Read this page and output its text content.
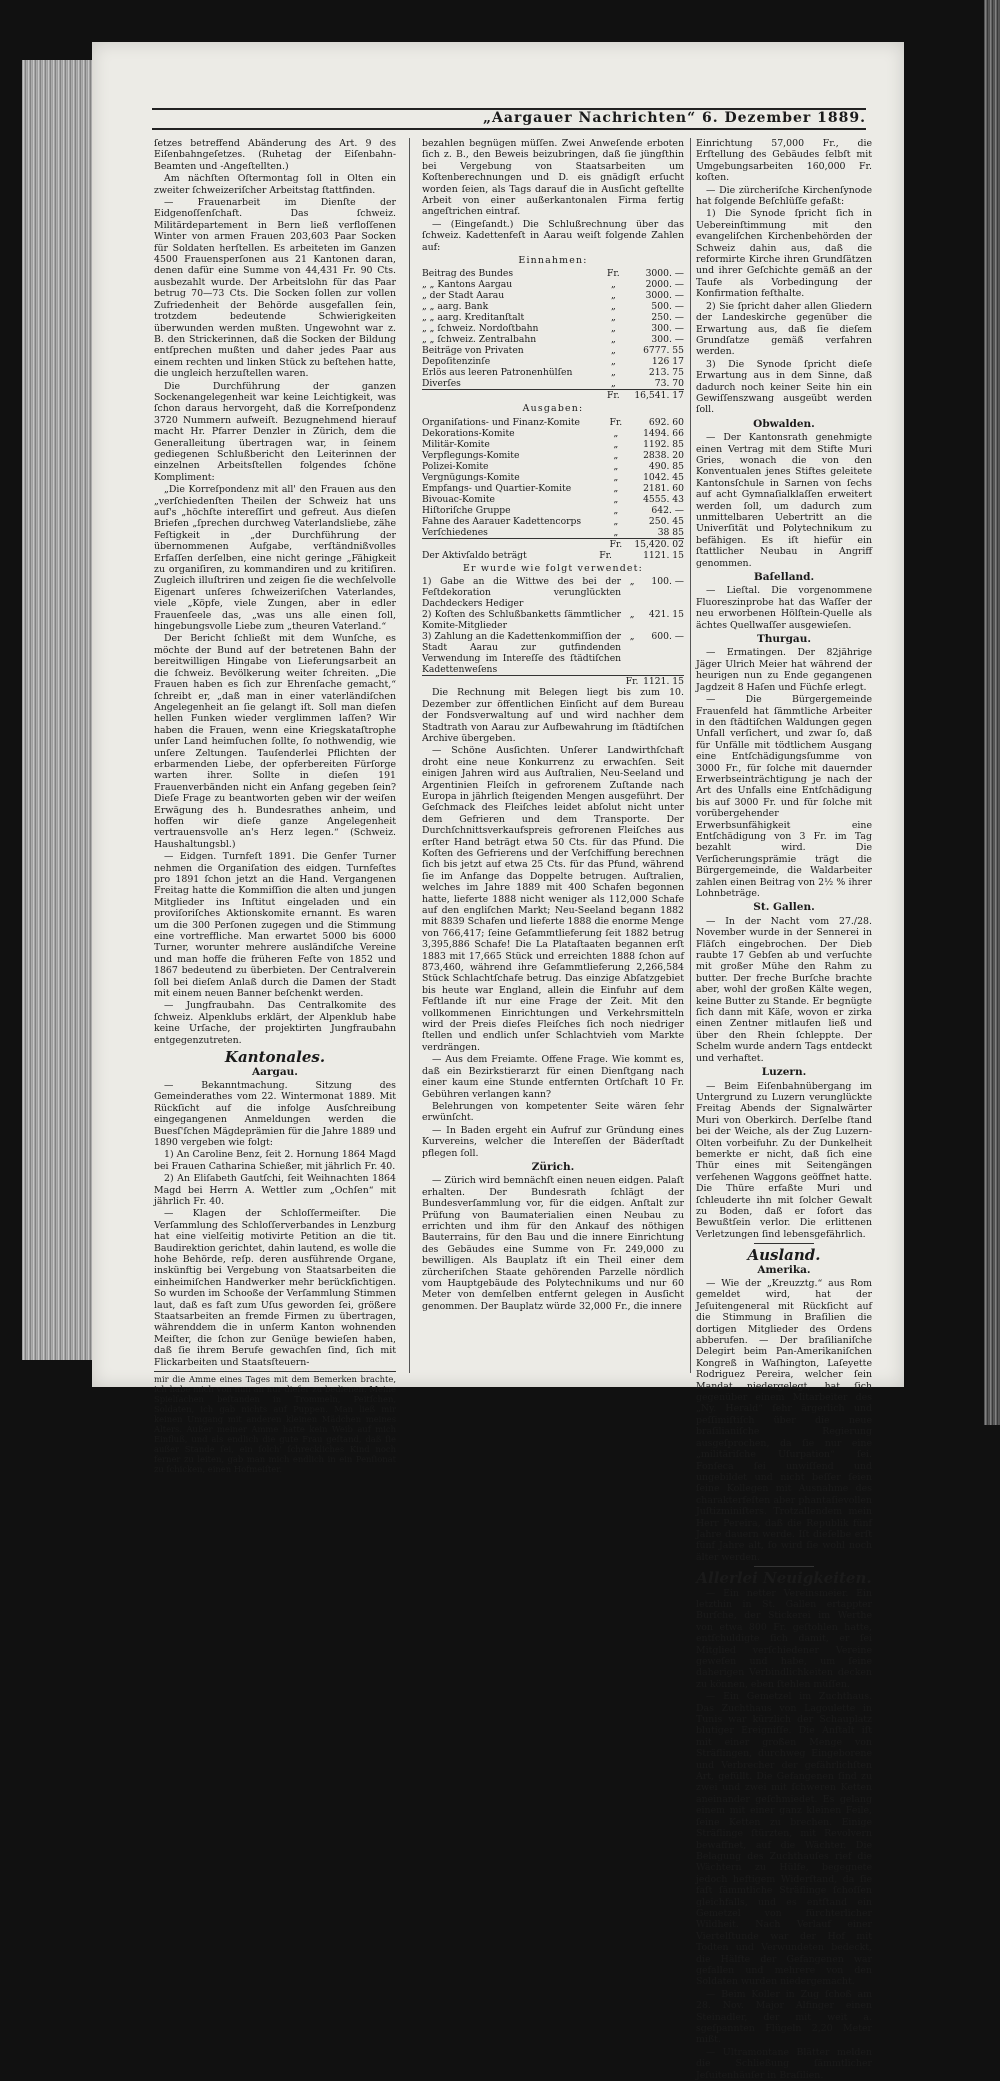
„Aargauer Nachrichten“ 6. Dezember 1889.

ſetzes betreffend Abänderung des Art. 9 des Eiſenbahngeſetzes. (Ruhetag der Eiſenbahn-Beamten und -Angeſtellten.)

Am nächſten Oſtermontag ſoll in Olten ein zweiter ſchweizeriſcher Arbeitstag ſtattfinden.

— Frauenarbeit im Dienſte der Eidgenoſſenſchaft. Das ſchweiz. Militärdepartement in Bern ließ verfloſſenen Winter von armen Frauen 203,603 Paar Socken für Soldaten herſtellen. Es arbeiteten im Ganzen 4500 Frauensperſonen aus 21 Kantonen daran, denen dafür eine Summe von 44,431 Fr. 90 Cts. ausbezahlt wurde. Der Arbeitslohn für das Paar betrug 70—73 Cts. Die Socken ſollen zur vollen Zufriedenheit der Behörde ausgefallen ſein, trotzdem bedeutende Schwierigkeiten überwunden werden mußten. Ungewohnt war z. B. den Strickerinnen, daß die Socken der Bildung entſprechen mußten und daher jedes Paar aus einem rechten und linken Stück zu beſtehen hatte, die ungleich herzuſtellen waren.

Die Durchführung der ganzen Sockenangelegenheit war keine Leichtigkeit, was ſchon daraus hervorgeht, daß die Korreſpondenz 3720 Nummern aufweiſt. Bezugnehmend hierauf macht Hr. Pfarrer Denzler in Zürich, dem die Generalleitung übertragen war, in ſeinem gediegenen Schlußbericht den Leiterinnen der einzelnen Arbeitsſtellen folgendes ſchöne Kompliment:

„Die Korreſpondenz mit all' den Frauen aus den „verſchiedenſten Theilen der Schweiz hat uns auf's „höchſte intereſſirt und gefreut. Aus dieſen Briefen „ſprechen durchweg Vaterlandsliebe, zähe Feſtigkeit in „der Durchführung der übernommenen Aufgabe, verſtändnißvolles Erfaſſen derſelben, eine nicht geringe „Fähigkeit zu organiſiren, zu kommandiren und zu kritiſiren. Zugleich illuſtriren und zeigen ſie die wechſelvolle Eigenart unſeres ſchweizeriſchen Vaterlandes, viele „Köpfe, viele Zungen, aber in edler Frauenſeele das, „was uns alle einen ſoll, hingebungsvolle Liebe zum „theuren Vaterland.“

Der Bericht ſchließt mit dem Wunſche, es möchte der Bund auf der betretenen Bahn der bereitwilligen Hingabe von Lieferungsarbeit an die ſchweiz. Bevölkerung weiter ſchreiten. „Die Frauen haben es ſich zur Ehrenſache gemacht,“ ſchreibt er, „daß man in einer vaterländiſchen Angelegenheit an ſie gelangt iſt. Soll man dieſen hellen Funken wieder verglimmen laſſen? Wir haben die Frauen, wenn eine Kriegskataſtrophe unſer Land heimſuchen ſollte, ſo nothwendig, wie unſere Zeltungen. Tauſenderlei Pflichten der erbarmenden Liebe, der opferbereiten Fürſorge warten ihrer. Sollte in dieſen 191 Frauenverbänden nicht ein Anfang gegeben ſein? Dieſe Frage zu beantworten geben wir der weiſen Erwägung des h. Bundesrathes anheim, und hoffen wir dieſe ganze Angelegenheit vertrauensvolle an's Herz legen.“ (Schweiz. Haushaltungsbl.)

— Eidgen. Turnfeſt 1891. Die Genfer Turner nehmen die Organiſation des eidgen. Turnfeſtes pro 1891 ſchon jetzt an die Hand. Vergangenen Freitag hatte die Kommiſſion die alten und jungen Mitglieder ins Inſtitut eingeladen und ein proviſoriſches Aktionskomite ernannt. Es waren um die 300 Perſonen zugegen und die Stimmung eine vortreffliche. Man erwartet 5000 bis 6000 Turner, worunter mehrere ausländiſche Vereine und man hoffe die früheren Feſte von 1852 und 1867 bedeutend zu überbieten. Der Centralverein ſoll bei dieſem Anlaß durch die Damen der Stadt mit einem neuen Banner beſchenkt werden.

— Jungfraubahn. Das Centralkomite des ſchweiz. Alpenklubs erklärt, der Alpenklub habe keine Urſache, der projektirten Jungfraubahn entgegenzutreten.

Kantonales.
Aargau.

— Bekanntmachung. Sitzung des Gemeinderathes vom 22. Wintermonat 1889. Mit Rückſicht auf die infolge Ausſchreibung eingegangenen Anmeldungen werden die Buesſ'ſchen Mägdeprämien für die Jahre 1889 und 1890 vergeben wie folgt:

1) An Caroline Benz, ſeit 2. Hornung 1864 Magd bei Frauen Catharina Schießer, mit jährlich Fr. 40.

2) An Eliſabeth Gautſchi, ſeit Weihnachten 1864 Magd bei Herrn A. Wettler zum „Ochſen“ mit jährlich Fr. 40.

— Klagen der Schloſſermeiſter. Die Verſammlung des Schloſſerverbandes in Lenzburg hat eine vielſeitig motivirte Petition an die tit. Baudirektion gerichtet, dahin lautend, es wolle die hohe Behörde, reſp. deren ausführende Organe, inskünftig bei Vergebung von Staatsarbeiten die einheimiſchen Handwerker mehr berückſichtigen. So wurden im Schooße der Verſammlung Stimmen laut, daß es faſt zum Uſus geworden ſei, größere Staatsarbeiten an fremde Firmen zu übertragen, währenddem die in unſerm Kanton wohnenden Meiſter, die ſchon zur Genüge bewieſen haben, daß ſie ihrem Berufe gewachſen ſind, ſich mit Flickarbeiten und Staatsſteuern-

mir die Amme eines Tages mit dem Bemerken brachte, ich habe mich von nun an nur dieſer zu bedienen. Meine Spielſachen beſtanden in Trommeln, Peitſchen, Soldaten, ich gab nichts auf Puppen. Man ließ mir keinen Umgang mit anderen kleinen Mädchen meines Alters. Außer meiner Amme hatte kein Weib auf mich Einfluß, und als endlich die gute Frau geſtand, daß ſie außer Stande ſei, ein ſolch' ſchreckliches Kind noch ferner zu leiten, gab man mich endlich in ein Penſionat zu ſchicken, einen Hofmeiſter.

bezahlen begnügen müſſen. Zwei Anweſende erboten ſich z. B., den Beweis beizubringen, daß ſie jüngſthin bei Vergebung von Staatsarbeiten um Koſtenberechnungen und D. eis gnädigſt erſucht worden ſeien, als Tags darauf die in Ausſicht geſtellte Arbeit von einer außerkantonalen Firma fertig angeſtrichen eintraf.

— (Eingeſandt.) Die Schlußrechnung über das ſchweiz. Kadettenfeſt in Aarau weiſt folgende Zahlen auf:

Einnahmen:
Beitrag des Bundes	Fr.	3000. —
„ „ Kantons Aargau	„	2000. —
„ der Stadt Aarau	„	3000. —
„ „ aarg. Bank	„	500. —
„ „ aarg. Kreditanſtalt	„	250. —
„ „ ſchweiz. Nordoſtbahn	„	300. —
„ „ ſchweiz. Zentralbahn	„	300. —
Beiträge von Privaten	„	6777. 55
Depoſitenzinſe	„	126 17
Erlös aus leeren Patronenhülſen	„	213. 75
Diverſes	„	73. 70
	Fr.	16,541. 17
Ausgaben:
Organiſations- und Finanz-Komite	Fr.	692. 60
Dekorations-Komite	„	1494. 66
Militär-Komite	„	1192. 85
Verpflegungs-Komite	„	2838. 20
Polizei-Komite	„	490. 85
Vergnügungs-Komite	„	1042. 45
Empfangs- und Quartier-Komite	„	2181. 60
Bivouac-Komite	„	4555. 43
Hiſtoriſche Gruppe	„	642. —
Fahne des Aarauer Kadettencorps	„	250. 45
Verſchiedenes	„	38 85
	Fr.	15,420. 02
Der Aktivſaldo beträgt	Fr.	1121. 15
Er wurde wie folgt verwendet:
1) Gabe an die Wittwe des bei der Feſtdekoration verunglückten Dachdeckers Hediger	„	100. —
2) Koſten des Schlußbanketts ſämmtlicher Komite-Mitglieder	„	421. 15
3) Zahlung an die Kadettenkommiſſion der Stadt Aarau zur gutfindenden Verwendung im Intereſſe des ſtädtiſchen Kadettenweſens	„	600. —
	Fr.	1121. 15

Die Rechnung mit Belegen liegt bis zum 10. Dezember zur öffentlichen Einſicht auf dem Bureau der Fondsverwaltung auf und wird nachher dem Stadtrath von Aarau zur Aufbewahrung im ſtädtiſchen Archive übergeben.

— Schöne Ausſichten. Unſerer Landwirthſchaft droht eine neue Konkurrenz zu erwachſen. Seit einigen Jahren wird aus Auſtralien, Neu-Seeland und Argentinien Fleiſch in gefrorenem Zuſtande nach Europa in jährlich ſteigenden Mengen ausgeführt. Der Geſchmack des Fleiſches leidet abſolut nicht unter dem Gefrieren und dem Transporte. Der Durchſchnittsverkaufspreis gefrorenen Fleiſches aus erſter Hand beträgt etwa 50 Cts. für das Pfund. Die Koſten des Gefrierens und der Verſchiffung berechnen ſich bis jetzt auf etwa 25 Cts. für das Pfund, während ſie im Anfange das Doppelte betrugen. Auſtralien, welches im Jahre 1889 mit 400 Schafen begonnen hatte, lieferte 1888 nicht weniger als 112,000 Schafe auf den engliſchen Markt; Neu-Seeland begann 1882 mit 8839 Schafen und lieferte 1888 die enorme Menge von 766,417; ſeine Geſammtlieferung ſeit 1882 betrug 3,395,886 Schafe! Die La Plataſtaaten begannen erſt 1883 mit 17,665 Stück und erreichten 1888 ſchon auf 873,460, während ihre Geſammtlieferung 2,266,584 Stück Schlachtſchafe betrug. Das einzige Abſatzgebiet bis heute war England, allein die Einfuhr auf dem Feſtlande iſt nur eine Frage der Zeit. Mit den vollkommenen Einrichtungen und Verkehrsmitteln wird der Preis dieſes Fleiſches ſich noch niedriger ſtellen und endlich unſer Schlachtvieh vom Markte verdrängen.

— Aus dem Freiamte. Offene Frage. Wie kommt es, daß ein Bezirkstierarzt für einen Dienſtgang nach einer kaum eine Stunde entfernten Ortſchaft 10 Fr. Gebühren verlangen kann?

Belehrungen von kompetenter Seite wären ſehr erwünſcht.

— In Baden ergeht ein Aufruf zur Gründung eines Kurvereins, welcher die Intereſſen der Bäderſtadt pflegen ſoll.

Zürich.

— Zürich wird bemnächſt einen neuen eidgen. Palaſt erhalten. Der Bundesrath ſchlägt der Bundesverſammlung vor, für die eidgen. Anſtalt zur Prüfung von Baumaterialien einen Neubau zu errichten und ihm für den Ankauf des nöthigen Bauterrains, für den Bau und die innere Einrichtung des Gebäudes eine Summe von Fr. 249,000 zu bewilligen. Als Bauplatz iſt ein Theil einer dem zürcheriſchen Staate gehörenden Parzelle nördlich vom Hauptgebäude des Polytechnikums und nur 60 Meter von demſelben entfernt gelegen in Ausſicht genommen. Der Bauplatz würde 32,000 Fr., die innere

Einrichtung 57,000 Fr., die Erſtellung des Gebäudes ſelbſt mit Umgebungsarbeiten 160,000 Fr. koſten.

— Die zürcheriſche Kirchenſynode hat folgende Beſchlüſſe gefaßt:

1) Die Synode ſpricht ſich in Uebereinſtimmung mit den evangeliſchen Kirchenbehörden der Schweiz dahin aus, daß die reformirte Kirche ihren Grundſätzen und ihrer Geſchichte gemäß an der Taufe als Vorbedingung der Konfirmation feſthalte.

2) Sie ſpricht daher allen Gliedern der Landeskirche gegenüber die Erwartung aus, daß ſie dieſem Grundſatze gemäß verfahren werden.

3) Die Synode ſpricht dieſe Erwartung aus in dem Sinne, daß dadurch noch keiner Seite hin ein Gewiſſenszwang ausgeübt werden ſoll.

Obwalden.

— Der Kantonsrath genehmigte einen Vertrag mit dem Stifte Muri Gries, wonach die von den Konventualen jenes Stiftes geleitete Kantonsſchule in Sarnen von ſechs auf acht Gymnaſialklaſſen erweitert werden ſoll, um dadurch zum unmittelbaren Uebertritt an die Univerſität und Polytechnikum zu befähigen. Es iſt hiefür ein ſtattlicher Neubau in Angriff genommen.

Baſelland.

— Lieſtal. Die vorgenommene Fluoreszinprobe hat das Waſſer der neu erworbenen Hölſtein-Quelle als ächtes Quellwaſſer ausgewieſen.

Thurgau.

— Ermatingen. Der 82jährige Jäger Ulrich Meier hat während der heurigen nun zu Ende gegangenen Jagdzeit 8 Haſen und Füchſe erlegt.

— Die Bürgergemeinde Frauenfeld hat ſämmtliche Arbeiter in den ſtädtiſchen Waldungen gegen Unfall verſichert, und zwar ſo, daß für Unfälle mit tödtlichem Ausgang eine Entſchädigungsſumme von 3000 Fr., für ſolche mit dauernder Erwerbseinträchtigung je nach der Art des Unfalls eine Entſchädigung bis auf 3000 Fr. und für ſolche mit vorübergehender Erwerbsunfähigkeit eine Entſchädigung von 3 Fr. im Tag bezahlt wird. Die Verſicherungsprämie trägt die Bürgergemeinde, die Waldarbeiter zahlen einen Beitrag von 2½ % ihrer Lohnbeträge.

St. Gallen.

— In der Nacht vom 27./28. November wurde in der Sennerei in Fläſch eingebrochen. Der Dieb raubte 17 Gebſen ab und verſuchte mit großer Mühe den Rahm zu butter. Der freche Burſche brachte aber, wohl der großen Kälte wegen, keine Butter zu Stande. Er begnügte ſich dann mit Käſe, wovon er zirka einen Zentner mitlaufen ließ und über den Rhein ſchleppte. Der Schelm wurde andern Tags entdeckt und verhaftet.

Luzern.

— Beim Eiſenbahnübergang im Untergrund zu Luzern verunglückte Freitag Abends der Signalwärter Muri von Oberkirch. Derſelbe ſtand bei der Weiche, als der Zug Luzern-Olten vorbeifuhr. Zu der Dunkelheit bemerkte er nicht, daß ſich eine Thür eines mit Seitengängen verſehenen Waggons geöffnet hatte. Die Thüre erfaßte Muri und ſchleuderte ihn mit ſolcher Gewalt zu Boden, daß er ſofort das Bewußtſein verlor. Die erlittenen Verletzungen ſind lebensgefährlich.

Ausland.
Amerika.

— Wie der „Kreuzztg.“ aus Rom gemeldet wird, hat der Jeſuitengeneral mit Rückſicht auf die Stimmung in Braſilien die dortigen Mitglieder des Ordens abberufen. — Der braſilianiſche Delegirt beim Pan-Amerikaniſchen Kongreß in Waſhington, Laſeyette Rodriguez Pereira, welcher ſein Mandat niedergelegt, hat ſich gegenüber einem Mitarbeiter des „Ny. Herald“ ſehr ärgerlich und peſſimiſtiſch über die neue braſilianiſche Regierung ausgeſprochen, da ſie nur eine „militäriſche Uſurpation“ ſei. Fonſeca ſei unwiſſend und ungebildet und nicht beſſer ſeien ſeine Kollegen mit Ausnahme des charakterfeſten aber phantaſievollen Juſtizminiſters. Trotzallendem mein Herr Pereira, daß die Republik fünf Jahre dauern werde. Iſt dieſelbe erſt fünf Jahre alt, ſo wird ſie wohl noch älter werden.

Allerlei Neuigkeiten.

— Ein netter Vereinsmeier. Ein letzthin in St. Gallen ertappter Burſche, der Stickerei im Werthe von etwa 800 Fr. geſtohlen hatte, entſchuldigte ſich damit, er ſei Mitglied verſchiedener Vereine geweſen und habe, um ſeine daherigen Verbindlichkeiten decken zu können, eben ſtehlen müſſen.

— Ein Gemetzel im Zuchthaus. Das Zuchthaus von Lagoulette in Tunis war kürzlich der Schauplatz blutiger Ereigniſſe. Die Anſtalt iſt mit einer großen Menge von Sträflingen, durchweg Eingeborene und Verbrecher der gefährlichſten Art, gefüllt. Die Gefangenen ſind zu zwei und zwei mit ſchweren Ketten aneinander geſchmiedet. Es gelang einem mit einer ganz kleinen Feile, ſeine Ketten zu brechen. Einige Sträflinge ſtürzten, mit Revolvern bewaffnet, auf die Wächter. Die Belagung des Zuchthauſes rief die Wächtern zu Hülfe, begegnete jedoch heftigem Widerſtand, da ſie faſt ſämmtliche Sträflinge ſchoſſen gleichfalls, und es entſtand ein Gemetzel von fürchterlicher Wildheit. Nach Verlauf einer Viertelſtunde war der Hof mit Todten und Verwundeten bedeckt, die Hälfte der Gefangenen war gefallen und mehrere von den Soldaten wurden niedergemacht.

— Beim Koller in Zug ſchoß am 28. Nov. Major Alfinger einen Steinadler, der mit weit a. sgeſpannten Flügeln 2,20 Meter mißt.

— Ultramontane Blätter melden die Schließung ſämmtlicher Jeſuitenhäuſer in Braſilien.
